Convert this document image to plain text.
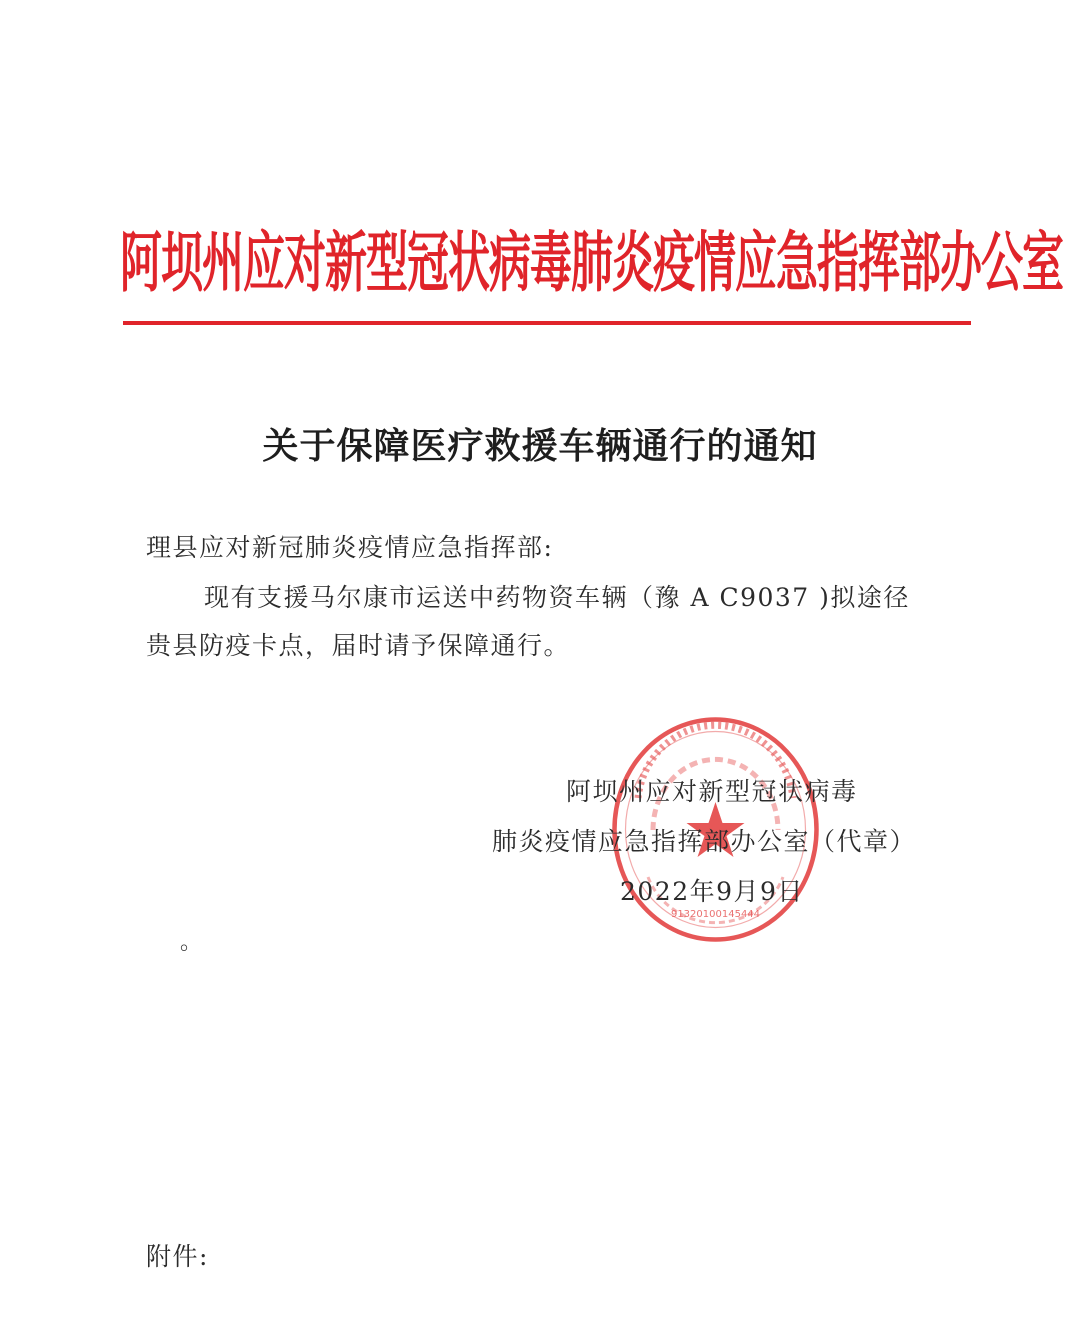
阿坝州应对新型冠状病毒肺炎疫情应急指挥部办公室
关于保障医疗救援车辆通行的通知
理县应对新冠肺炎疫情应急指挥部:
现有支援马尔康市运送中药物资车辆（豫 A C9037 )拟途径
贵县防疫卡点，届时请予保障通行。
91320100145444
阿坝州应对新型冠状病毒
肺炎疫情应急指挥部办公室（代章）
2022年9月9日
。
附件:
